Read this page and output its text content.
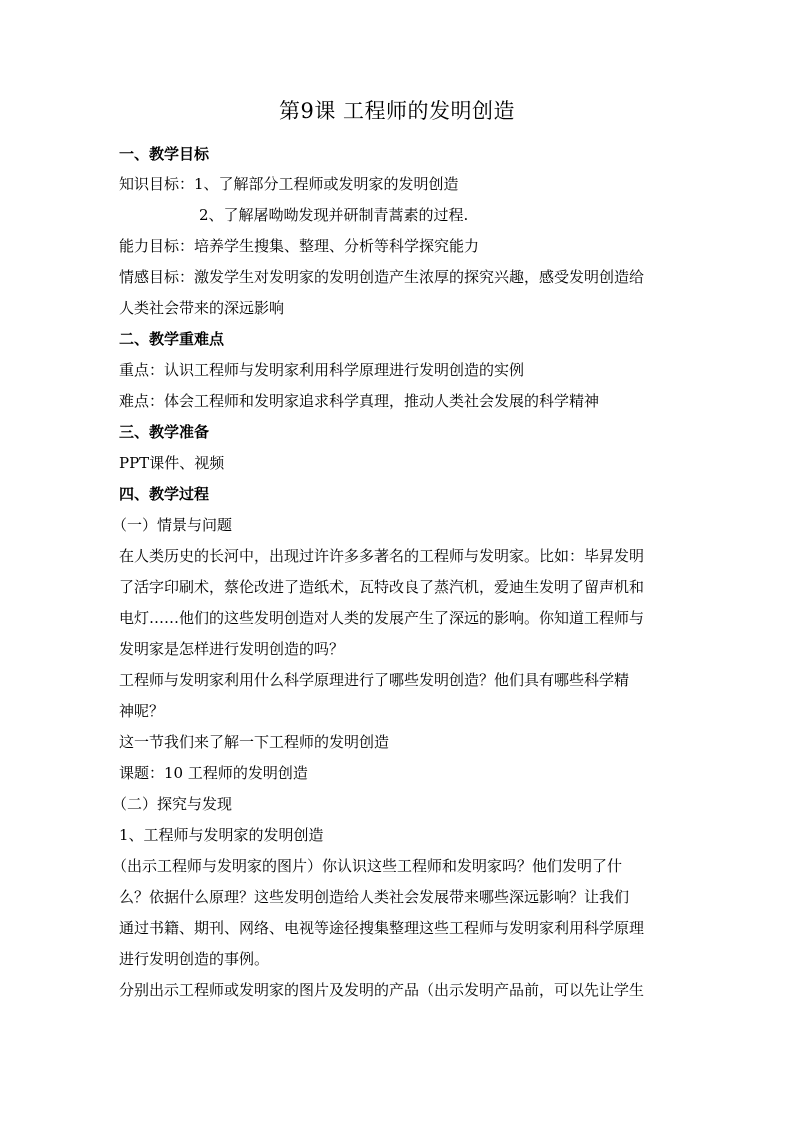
第9课 工程师的发明创造
一、教学目标
知识目标：1、了解部分工程师或发明家的发明创造
2、了解屠呦呦发现并研制青蒿素的过程.
能力目标：培养学生搜集、整理、分析等科学探究能力
情感目标：激发学生对发明家的发明创造产生浓厚的探究兴趣，感受发明创造给
人类社会带来的深远影响
二、教学重难点
重点：认识工程师与发明家利用科学原理进行发明创造的实例
难点：体会工程师和发明家追求科学真理，推动人类社会发展的科学精神
三、教学准备
PPT课件、视频
四、教学过程
（一）情景与问题
在人类历史的长河中，出现过许许多多著名的工程师与发明家。比如：毕昇发明
了活字印刷术，蔡伦改进了造纸术，瓦特改良了蒸汽机，爱迪生发明了留声机和
电灯……他们的这些发明创造对人类的发展产生了深远的影响。你知道工程师与
发明家是怎样进行发明创造的吗？
工程师与发明家利用什么科学原理进行了哪些发明创造？他们具有哪些科学精
神呢？
这一节我们来了解一下工程师的发明创造
课题：10 工程师的发明创造
（二）探究与发现
1、工程师与发明家的发明创造
（出示工程师与发明家的图片）你认识这些工程师和发明家吗？他们发明了什
么？依据什么原理？这些发明创造给人类社会发展带来哪些深远影响？让我们
通过书籍、期刊、网络、电视等途径搜集整理这些工程师与发明家利用科学原理
进行发明创造的事例。
分别出示工程师或发明家的图片及发明的产品（出示发明产品前，可以先让学生
